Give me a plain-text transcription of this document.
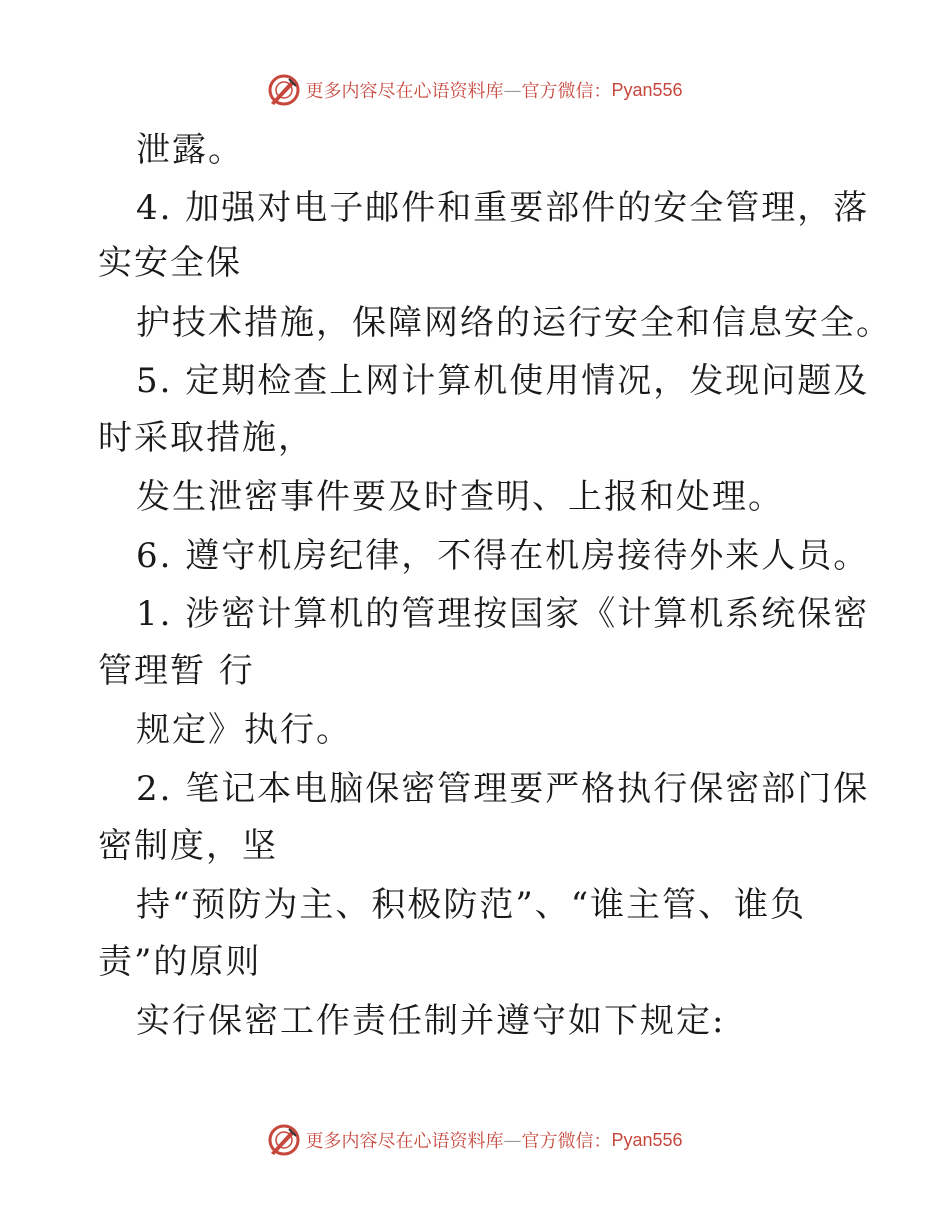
更多内容尽在心语资料库 — 官方微信： Pyan556
泄露。
4. 加强对电子邮件和重要部件的安全管理，落
实安全保
护技术措施，保障网络的运行安全和信息安全。
5. 定期检查上网计算机使用情况，发现问题及
时采取措施，
发生泄密事件要及时查明、上报和处理。
6. 遵守机房纪律，不得在机房接待外来人员。
1. 涉密计算机的管理按国家《计算机系统保密
管理暂 行
规定》执行。
2. 笔记本电脑保密管理要严格执行保密部门保
密制度，坚
持“预防为主、积极防范”、“谁主管、谁负
责”的原则
实行保密工作责任制并遵守如下规定:
更多内容尽在心语资料库 — 官方微信： Pyan556
